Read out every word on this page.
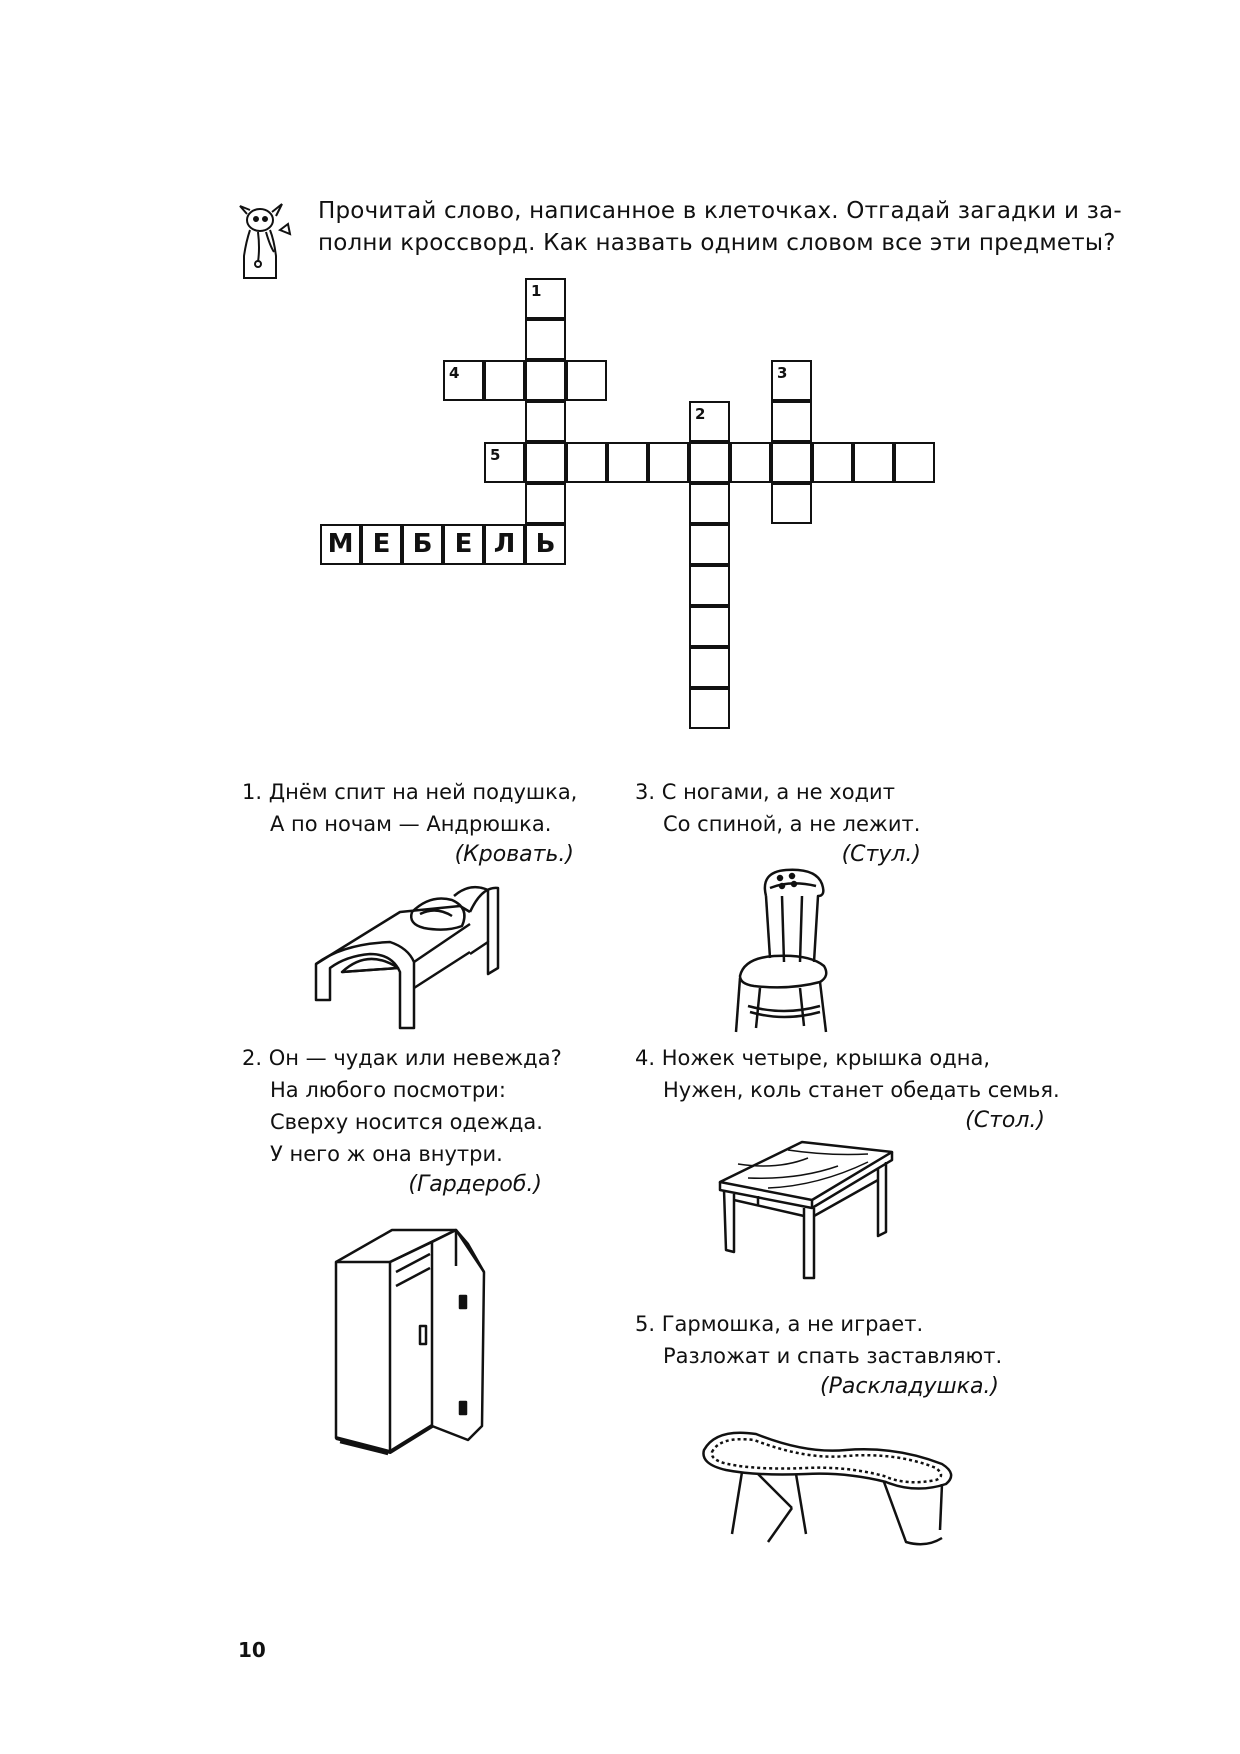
Прочитай слово, написанное в клеточках. Отгадай загадки и за-
полни кроссворд. Как назвать одним словом все эти предметы?
М Е Б Е Л Ь
1
2
3
4
5
1. Днём спит на ней подушка,
А по ночам — Андрюшка.
(Кровать.)
2. Он — чудак или невежда?
На любого посмотри:
Сверху носится одежда.
У него ж она внутри.
(Гардероб.)
3. С ногами, а не ходит
Со спиной, а не лежит.
(Стул.)
4. Ножек четыре, крышка одна,
Нужен, коль станет обедать семья.
(Стол.)
5. Гармошка, а не играет.
Разложат и спать заставляют.
(Раскладушка.)
10
